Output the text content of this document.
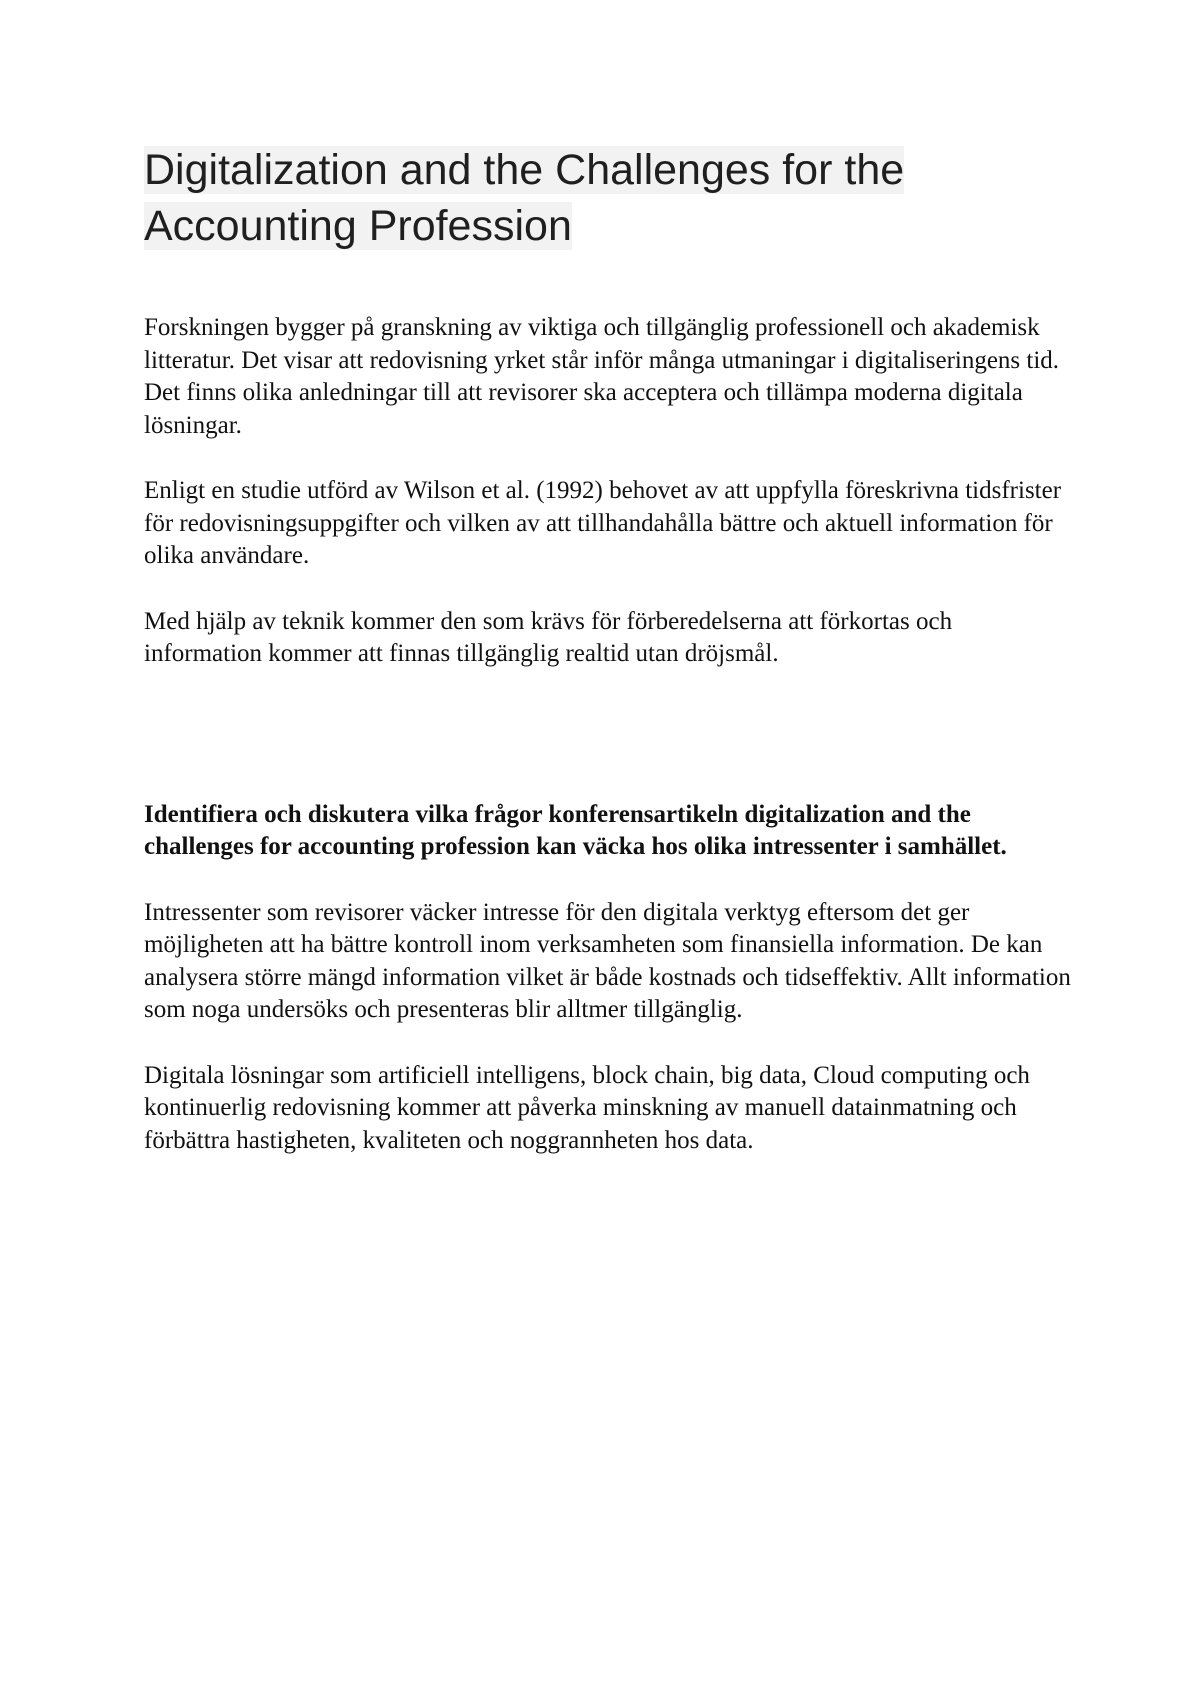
Digitalization and the Challenges for the Accounting Profession

Forskningen bygger på granskning av viktiga och tillgänglig professionell och akademisk litteratur. Det visar att redovisning yrket står inför många utmaningar i digitaliseringens tid. Det finns olika anledningar till att revisorer ska acceptera och tillämpa moderna digitala lösningar.

Enligt en studie utförd av Wilson et al. (1992) behovet av att uppfylla föreskrivna tidsfrister för redovisningsuppgifter och vilken av att tillhandahålla bättre och aktuell information för olika användare.

Med hjälp av teknik kommer den som krävs för förberedelserna att förkortas och information kommer att finnas tillgänglig realtid utan dröjsmål.

Identifiera och diskutera vilka frågor konferensartikeln digitalization and the challenges for accounting profession kan väcka hos olika intressenter i samhället.

Intressenter som revisorer väcker intresse för den digitala verktyg eftersom det ger möjligheten att ha bättre kontroll inom verksamheten som finansiella information. De kan analysera större mängd information vilket är både kostnads och tidseffektiv. Allt information som noga undersöks och presenteras blir alltmer tillgänglig.

Digitala lösningar som artificiell intelligens, block chain, big data, Cloud computing och kontinuerlig redovisning kommer att påverka minskning av manuell datainmatning och förbättra hastigheten, kvaliteten och noggrannheten hos data.
